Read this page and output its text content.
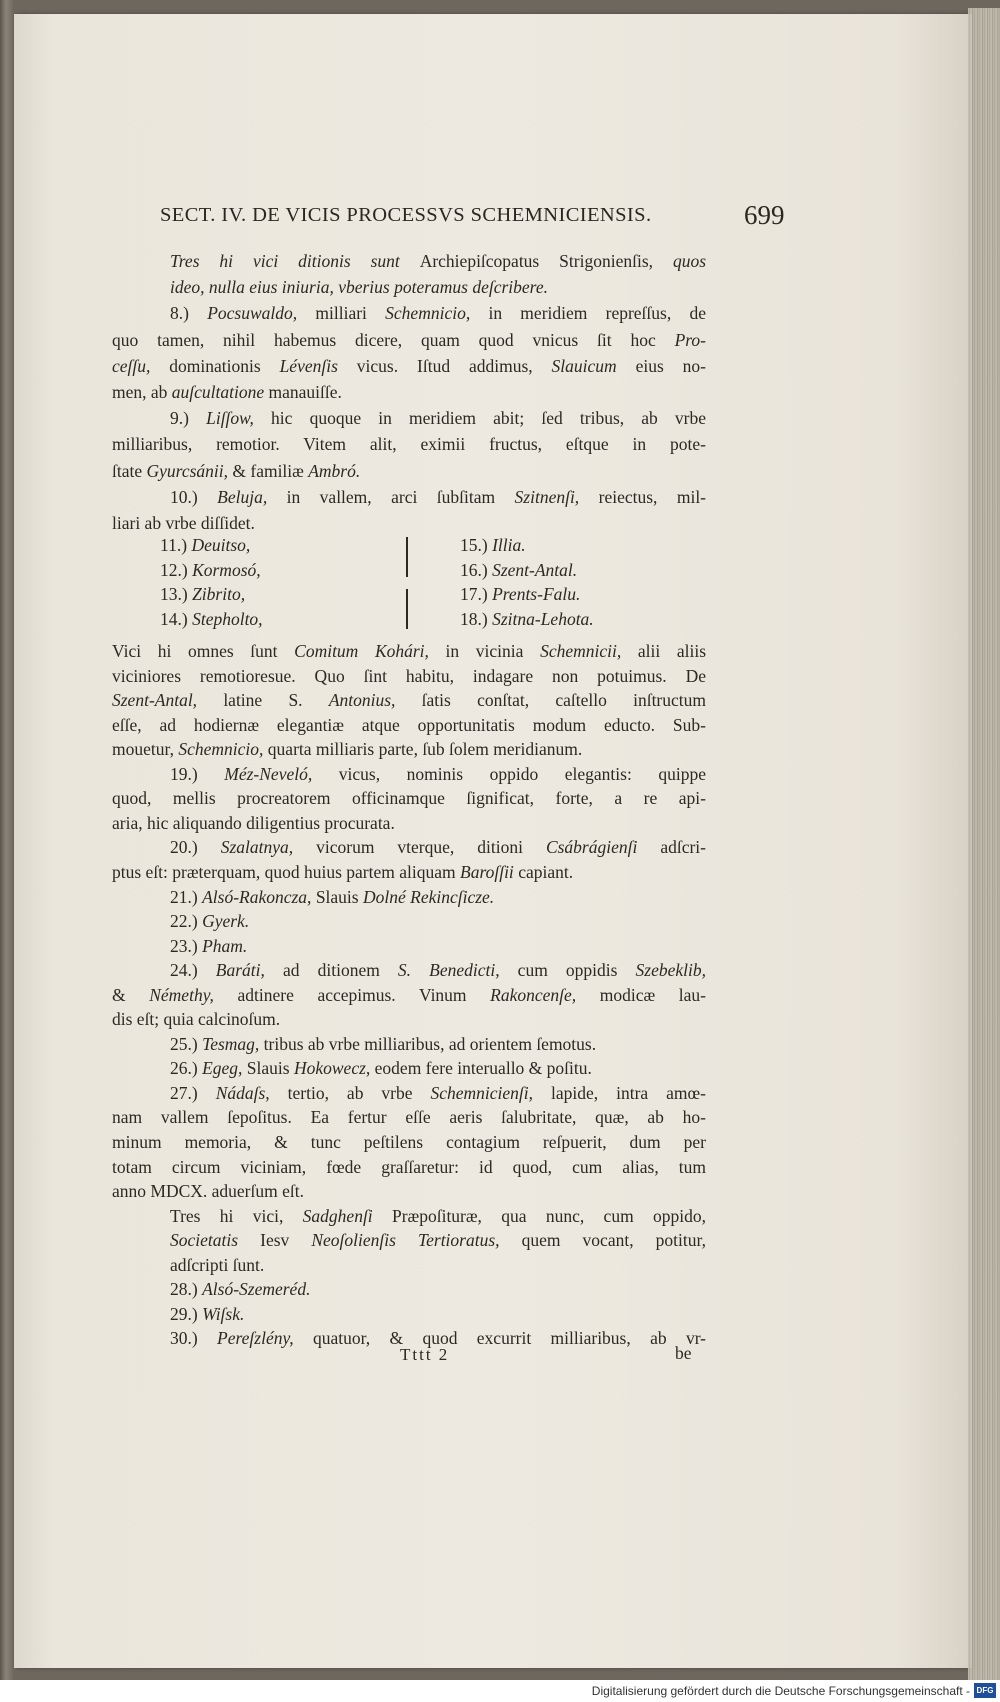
SECT. IV. DE VICIS PROCESSVS SCHEMNICIENSIS.	699
Tres hi vici ditionis sunt Archiepiſcopatus Strigonienſis, quos
ideo, nulla eius iniuria, vberius poteramus deſcribere.
8.) Pocsuwaldo, milliari Schemnicio, in meridiem repreſſus, de
quo tamen, nihil habemus dicere, quam quod vnicus ſit hoc Pro-
ceſſu, dominationis Lévenſis vicus. Iſtud addimus, Slauicum eius no-
men, ab auſcultatione manauiſſe.
9.) Liſſow, hic quoque in meridiem abit; ſed tribus, ab vrbe
milliaribus, remotior. Vitem alit, eximii fructus, eſtque in pote-
ſtate Gyurcsánii, & familiæ Ambró.
10.) Beluja, in vallem, arci ſubſitam Szitnenſi, reiectus, mil-
liari ab vrbe diſſidet.
11.) Deuitso,
12.) Kormosó,
13.) Zibrito,
14.) Stepholto,
15.) Illia.
16.) Szent-Antal.
17.) Prents-Falu.
18.) Szitna-Lehota.
Vici hi omnes ſunt Comitum Kohári, in vicinia Schemnicii, alii aliis
viciniores remotioresue. Quo ſint habitu, indagare non potuimus. De
Szent-Antal, latine S. Antonius, ſatis conſtat, caſtello inſtructum
eſſe, ad hodiernæ elegantiæ atque opportunitatis modum educto. Sub-
mouetur, Schemnicio, quarta milliaris parte, ſub ſolem meridianum.
19.) Méz-Neveló, vicus, nominis oppido elegantis: quippe
quod, mellis procreatorem officinamque ſignificat, forte, a re api-
aria, hic aliquando diligentius procurata.
20.) Szalatnya, vicorum vterque, ditioni Csábrágienſi adſcri-
ptus eſt: præterquam, quod huius partem aliquam Baroſſii capiant.
21.) Alsó-Rakoncza, Slauis Dolné Rekincſicze.
22.) Gyerk.
23.) Pham.
24.) Baráti, ad ditionem S. Benedicti, cum oppidis Szebeklib,
& Némethy, adtinere accepimus. Vinum Rakoncenſe, modicæ lau-
dis eſt; quia calcinoſum.
25.) Tesmag, tribus ab vrbe milliaribus, ad orientem ſemotus.
26.) Egeg, Slauis Hokowecz, eodem fere interuallo & poſitu.
27.) Nádaſs, tertio, ab vrbe Schemnicienſi, lapide, intra amœ-
nam vallem ſepoſitus. Ea fertur eſſe aeris ſalubritate, quæ, ab ho-
minum memoria, & tunc peſtilens contagium reſpuerit, dum per
totam circum viciniam, fœde graſſaretur: id quod, cum alias, tum
anno MDCX. aduerſum eſt.
Tres hi vici, Sadghenſi Præpoſituræ, qua nunc, cum oppido,
Societatis Iesv Neoſolienſis Tertioratus, quem vocant, potitur,
adſcripti ſunt.
28.) Alsó-Szemeréd.
29.) Wiſsk.
30.) Pereſzlény, quatuor, & quod excurrit milliaribus, ab vr-
Tttt 2	be
Digitalisierung gefördert durch die Deutsche Forschungsgemeinschaft - DFG
